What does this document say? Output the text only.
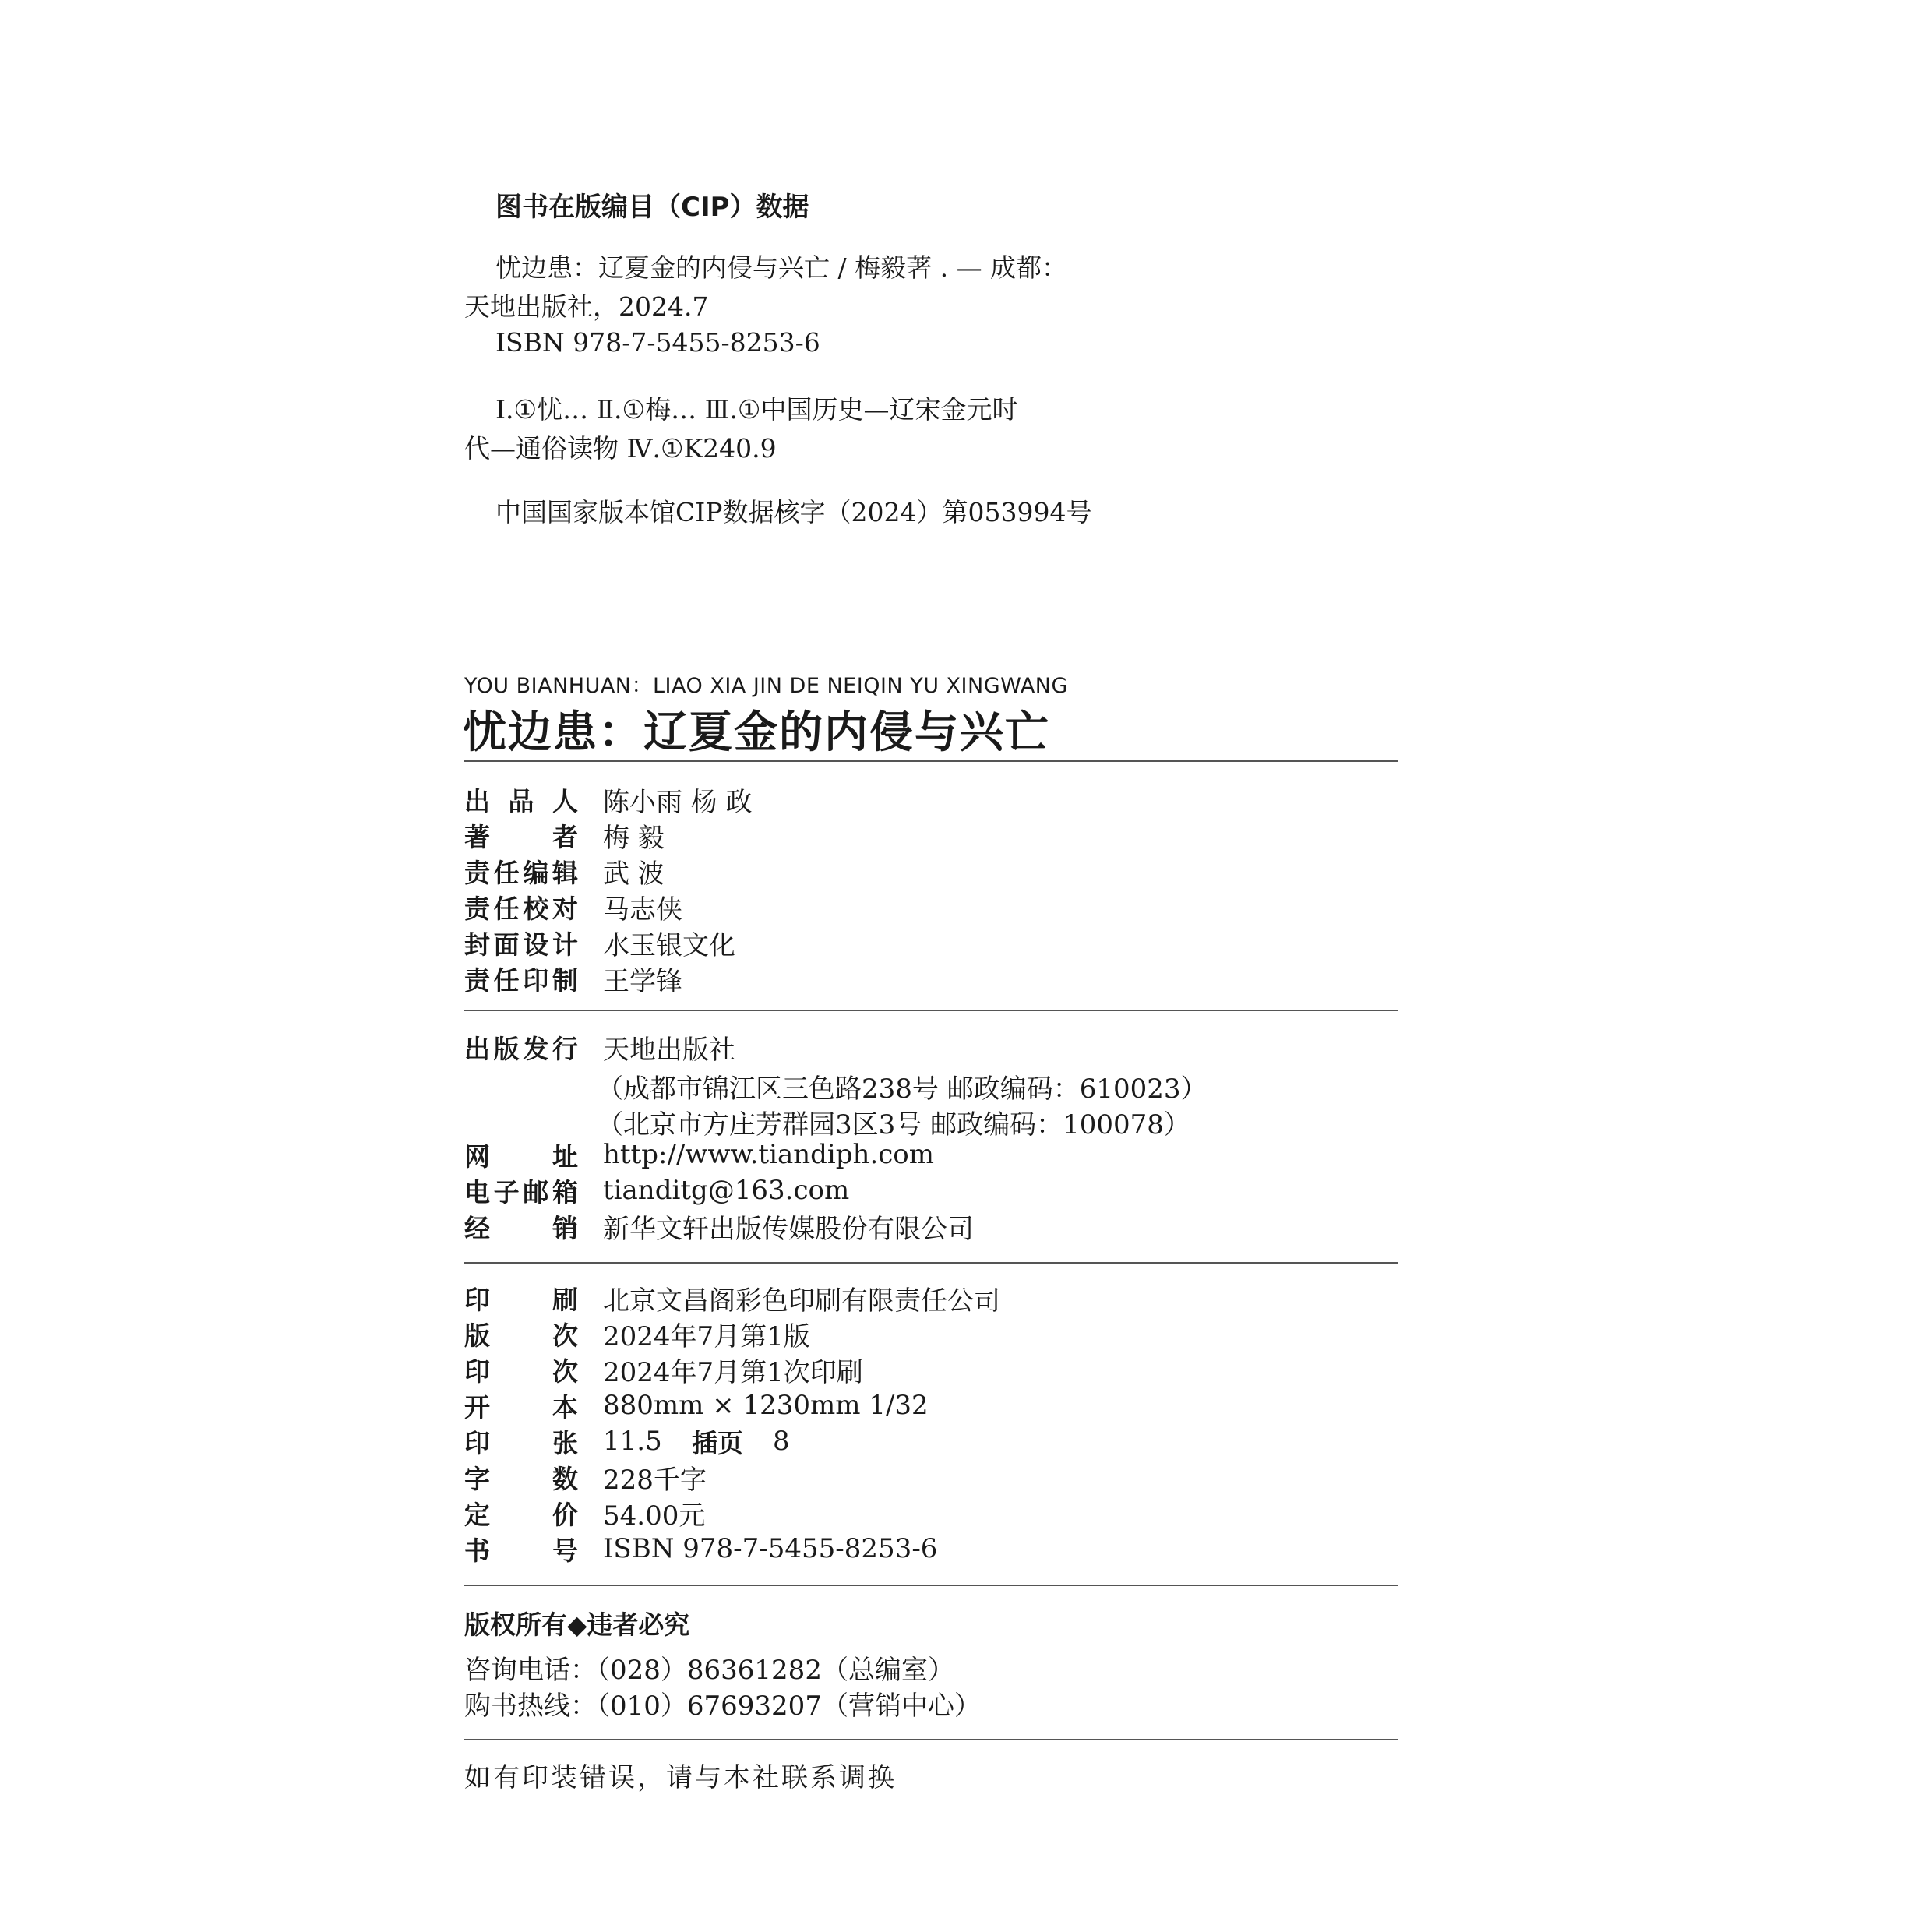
图书在版编目（CIP）数据
忧边患：辽夏金的内侵与兴亡 / 梅毅著 . — 成都：
天地出版社，2024.7
ISBN 978-7-5455-8253-6
Ⅰ.①忧… Ⅱ.①梅… Ⅲ.①中国历史—辽宋金元时
代—通俗读物 Ⅳ.①K240.9
中国国家版本馆CIP数据核字（2024）第053994号
YOU BIANHUAN：LIAO XIA JIN DE NEIQIN YU XINGWANG
忧边患：辽夏金的内侵与兴亡
出品人 陈小雨 杨 政
著者 梅 毅
责任编辑 武 波
责任校对 马志侠
封面设计 水玉银文化
责任印制 王学锋
出版发行 天地出版社
（成都市锦江区三色路238号 邮政编码：610023）
（北京市方庄芳群园3区3号 邮政编码：100078）
网址 http://www.tiandiph.com
电子邮箱 tianditg@163.com
经销 新华文轩出版传媒股份有限公司
印刷 北京文昌阁彩色印刷有限责任公司
版次 2024年7月第1版
印次 2024年7月第1次印刷
开本 880mm × 1230mm 1/32
印张 11.5 插页 8
字数 228千字
定价 54.00元
书号 ISBN 978-7-5455-8253-6
版权所有◆违者必究
咨询电话：（028）86361282（总编室）
购书热线：（010）67693207（营销中心）
如有印装错误，请与本社联系调换
